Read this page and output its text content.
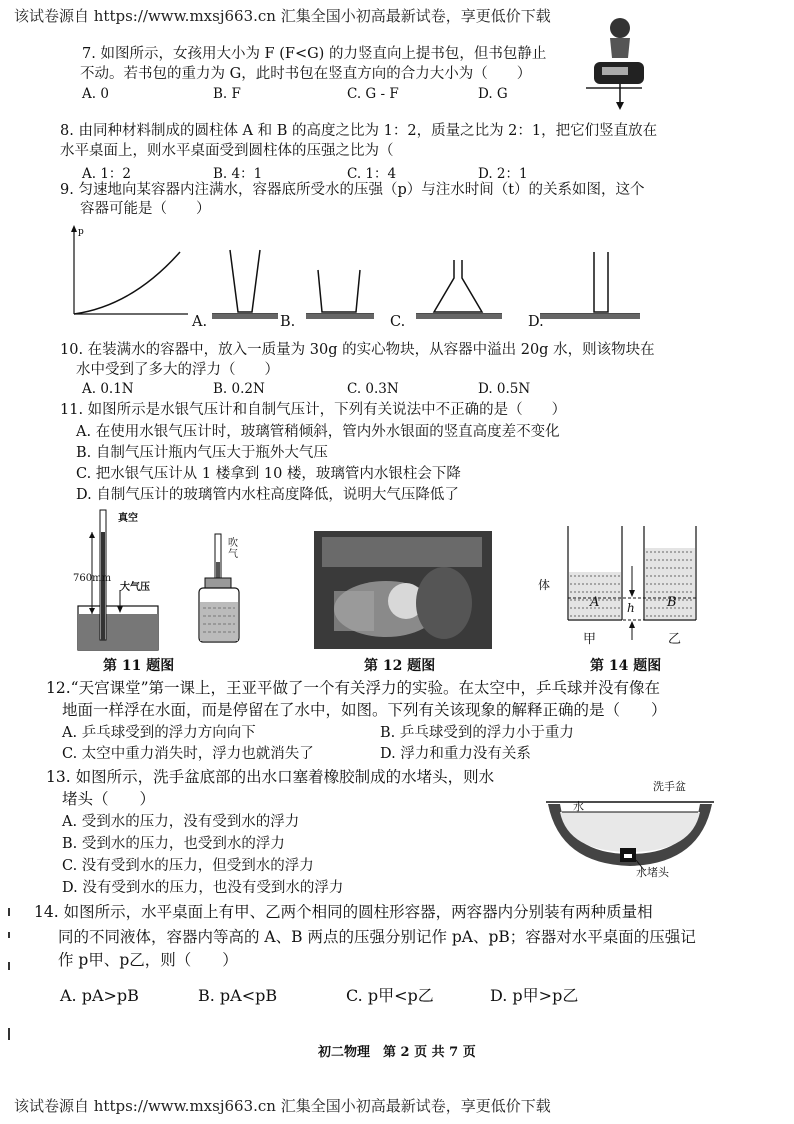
该试卷源自 https://www.mxsj663.cn 汇集全国小初高最新试卷，享更低价下载
7. 如图所示，女孩用大小为 F (F<G) 的力竖直向上提书包，但书包静止
不动。若书包的重力为 G，此时书包在竖直方向的合力大小为（　　）
A. 0	B. F	C. G - F	D. G
8. 由同种材料制成的圆柱体 A 和 B 的高度之比为 1：2，质量之比为 2：1，把它们竖直放在
水平桌面上，则水平桌面受到圆柱体的压强之比为（
A. 1：2	B. 4：1	C. 1：4	D. 2：1
9. 匀速地向某容器内注满水，容器底所受水的压强（p）与注水时间（t）的关系如图，这个
容器可能是（　　）
p
A.	B.	C.	D.
10. 在装满水的容器中，放入一质量为 30g 的实心物块，从容器中溢出 20g 水，则该物块在
水中受到了多大的浮力（　　）
A. 0.1N	B. 0.2N	C. 0.3N	D. 0.5N
11. 如图所示是水银气压计和自制气压计，下列有关说法中不正确的是（　　）
A. 在使用水银气压计时，玻璃管稍倾斜，管内外水银面的竖直高度差不变化
B. 自制气压计瓶内气压大于瓶外大气压
C. 把水银气压计从 1 楼拿到 10 楼，玻璃管内水银柱会下降
D. 自制气压计的玻璃管内水柱高度降低，说明大气压降低了
真空
760mm
大气压
吹气
A	B
h
体
甲	乙
第 11 题图	第 12 题图	第 14 题图
12.“天宫课堂”第一课上，王亚平做了一个有关浮力的实验。在太空中，乒乓球并没有像在
地面一样浮在水面，而是停留在了水中，如图。下列有关该现象的解释正确的是（　　）
A. 乒乓球受到的浮力方向向下	B. 乒乓球受到的浮力小于重力
C. 太空中重力消失时，浮力也就消失了	D. 浮力和重力没有关系
13. 如图所示，洗手盆底部的出水口塞着橡胶制成的水堵头，则水
堵头（　　）
A. 受到水的压力，没有受到水的浮力
B. 受到水的压力，也受到水的浮力
C. 没有受到水的压力，但受到水的浮力
D. 没有受到水的压力，也没有受到水的浮力
洗手盆
水
水堵头
14. 如图所示，水平桌面上有甲、乙两个相同的圆柱形容器，两容器内分别装有两种质量相
同的不同液体，容器内等高的 A、B 两点的压强分别记作 pA、pB；容器对水平桌面的压强记
作 p甲、p乙，则（　　）
A. pA>pB	B. pA<pB	C. p甲<p乙	D. p甲>p乙
初二物理　第 2 页 共 7 页
该试卷源自 https://www.mxsj663.cn 汇集全国小初高最新试卷，享更低价下载
